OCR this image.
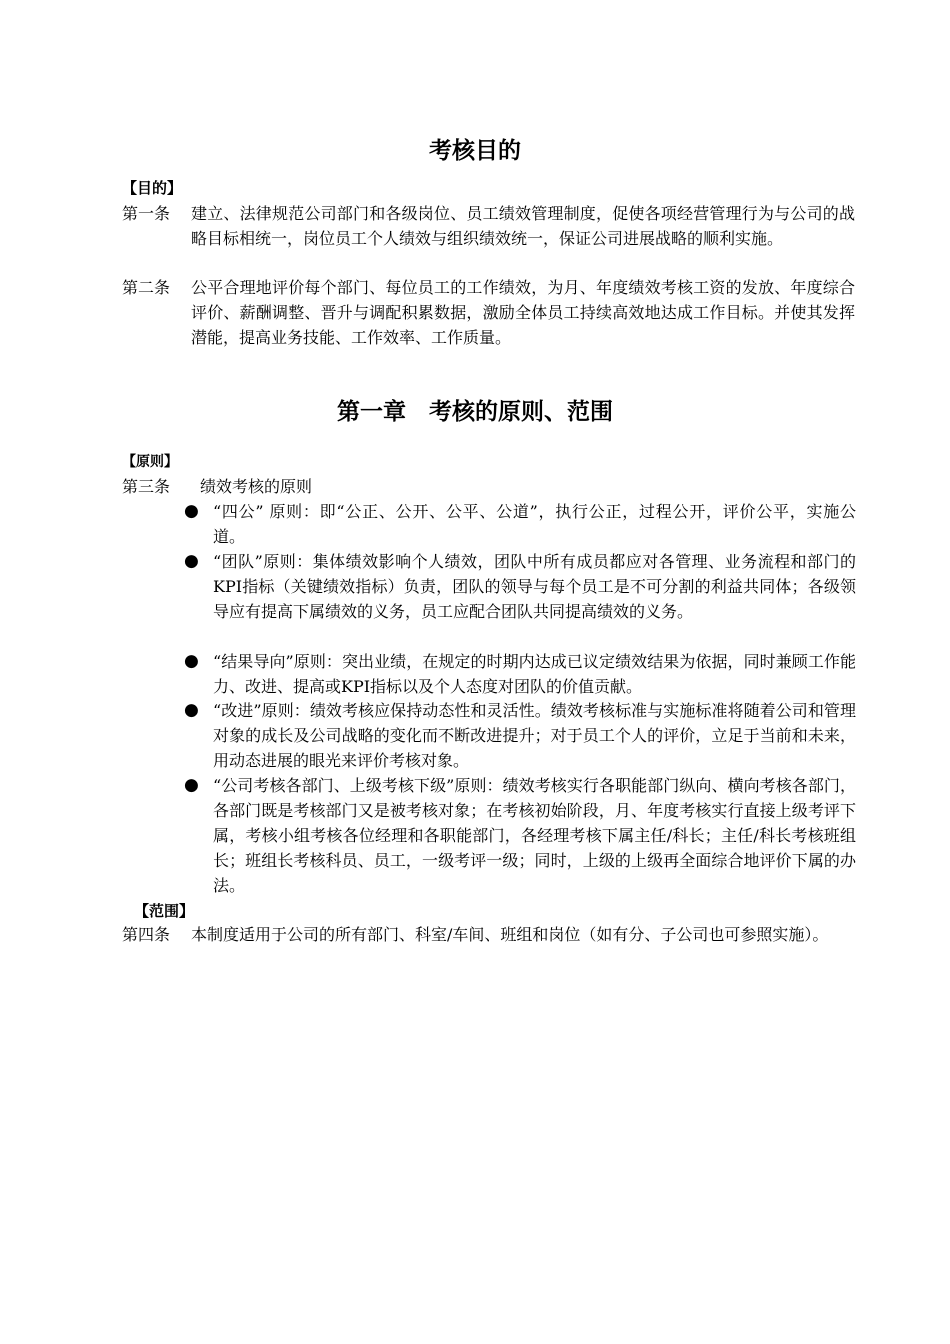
考核目的
【目的】
第一条 建立、法律规范公司部门和各级岗位、员工绩效管理制度，促使各项经营管理行为与公司的战略目标相统一，岗位员工个人绩效与组织绩效统一，保证公司进展战略的顺利实施。
第二条 公平合理地评价每个部门、每位员工的工作绩效，为月、年度绩效考核工资的发放、年度综合评价、薪酬调整、晋升与调配积累数据，激励全体员工持续高效地达成工作目标。并使其发挥潜能，提高业务技能、工作效率、工作质量。
第一章　考核的原则、范围
【原则】
第三条 绩效考核的原则
● “四公” 原则：即“公正、公开、公平、公道”，执行公正，过程公开，评价公平，实施公道。
● “团队”原则：集体绩效影响个人绩效，团队中所有成员都应对各管理、业务流程和部门的KPI指标（关键绩效指标）负责，团队的领导与每个员工是不可分割的利益共同体；各级领导应有提高下属绩效的义务，员工应配合团队共同提高绩效的义务。
● “结果导向”原则：突出业绩，在规定的时期内达成已议定绩效结果为依据，同时兼顾工作能力、改进、提高或KPI指标以及个人态度对团队的价值贡献。
● “改进”原则：绩效考核应保持动态性和灵活性。绩效考核标准与实施标准将随着公司和管理对象的成长及公司战略的变化而不断改进提升；对于员工个人的评价，立足于当前和未来，用动态进展的眼光来评价考核对象。
● “公司考核各部门、上级考核下级”原则：绩效考核实行各职能部门纵向、横向考核各部门，各部门既是考核部门又是被考核对象；在考核初始阶段，月、年度考核实行直接上级考评下属，考核小组考核各位经理和各职能部门，各经理考核下属主任/科长；主任/科长考核班组长；班组长考核科员、员工，一级考评一级；同时，上级的上级再全面综合地评价下属的办法。
【范围】
第四条 本制度适用于公司的所有部门、科室/车间、班组和岗位（如有分、子公司也可参照实施）。
